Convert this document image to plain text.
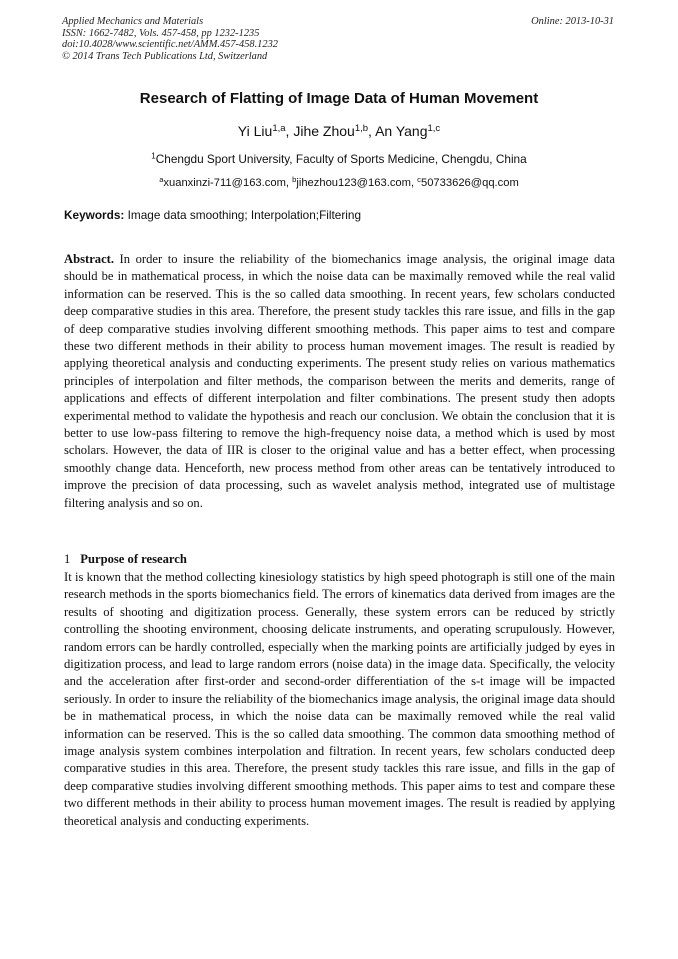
Applied Mechanics and Materials
ISSN: 1662-7482, Vols. 457-458, pp 1232-1235
doi:10.4028/www.scientific.net/AMM.457-458.1232
© 2014 Trans Tech Publications Ltd, Switzerland
Online: 2013-10-31
Research of Flatting of Image Data of Human Movement
Yi Liu$^{1,a}$, Jihe Zhou$^{1,b}$, An Yang$^{1,c}$
$^1$Chengdu Sport University, Faculty of Sports Medicine, Chengdu, China
$^a$xuanxinzi-711@163.com, $^b$jihezhou123@163.com, $^c$50733626@qq.com
Keywords: Image data smoothing; Interpolation;Filtering
Abstract. In order to insure the reliability of the biomechanics image analysis, the original image data should be in mathematical process, in which the noise data can be maximally removed while the real valid information can be reserved. This is the so called data smoothing. In recent years, few scholars conducted deep comparative studies in this area. Therefore, the present study tackles this rare issue, and fills in the gap of deep comparative studies involving different smoothing methods. This paper aims to test and compare these two different methods in their ability to process human movement images. The result is readied by applying theoretical analysis and conducting experiments. The present study relies on various mathematics principles of interpolation and filter methods, the comparison between the merits and demerits, range of applications and effects of different interpolation and filter combinations. The present study then adopts experimental method to validate the hypothesis and reach our conclusion. We obtain the conclusion that it is better to use low-pass filtering to remove the high-frequency noise data, a method which is used by most scholars. However, the data of IIR is closer to the original value and has a better effect, when processing smoothly change data. Henceforth, new process method from other areas can be tentatively introduced to improve the precision of data processing, such as wavelet analysis method, integrated use of multistage filtering analysis and so on.
1 Purpose of research
It is known that the method collecting kinesiology statistics by high speed photograph is still one of the main research methods in the sports biomechanics field. The errors of kinematics data derived from images are the results of shooting and digitization process. Generally, these system errors can be reduced by strictly controlling the shooting environment, choosing delicate instruments, and operating scrupulously. However, random errors can be hardly controlled, especially when the marking points are artificially judged by eyes in digitization process, and lead to large random errors (noise data) in the image data. Specifically, the velocity and the acceleration after first-order and second-order differentiation of the s-t image will be impacted seriously. In order to insure the reliability of the biomechanics image analysis, the original image data should be in mathematical process, in which the noise data can be maximally removed while the real valid information can be reserved. This is the so called data smoothing. The common data smoothing method of image analysis system combines interpolation and filtration. In recent years, few scholars conducted deep comparative studies in this area. Therefore, the present study tackles this rare issue, and fills in the gap of deep comparative studies involving different smoothing methods. This paper aims to test and compare these two different methods in their ability to process human movement images. The result is readied by applying theoretical analysis and conducting experiments.
